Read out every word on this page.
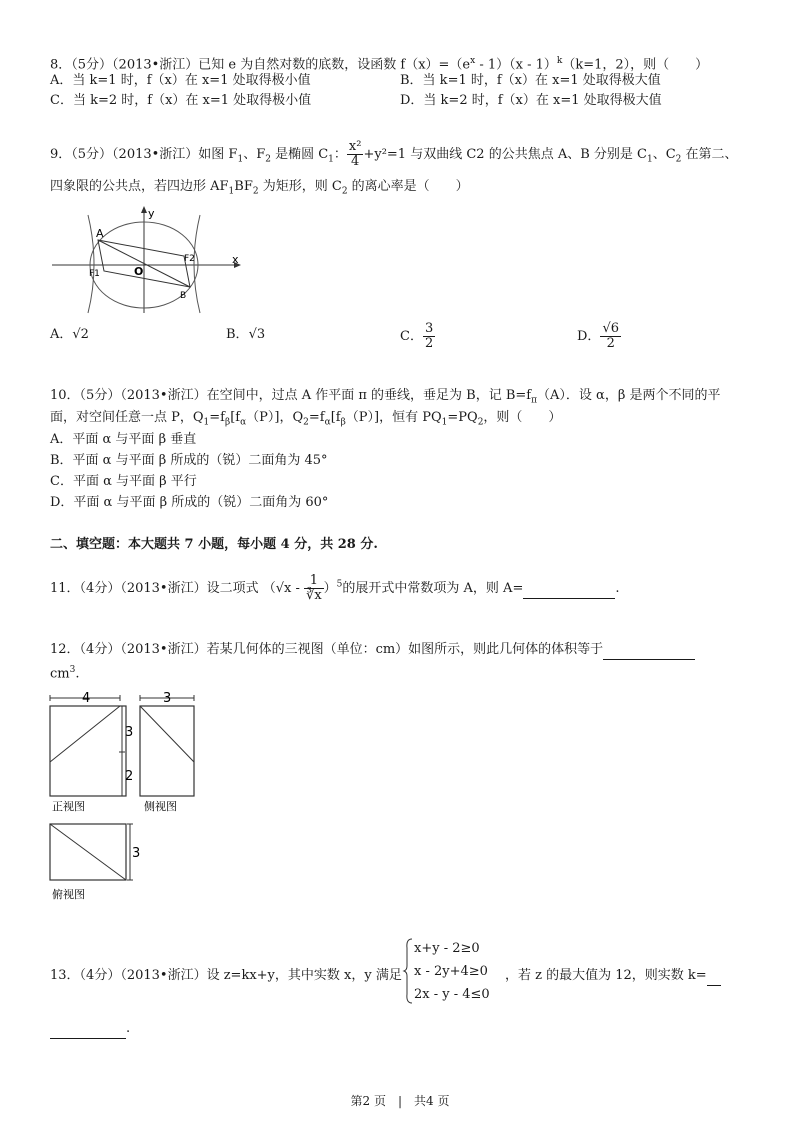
8．（5分）（2013•浙江）已知 e 为自然对数的底数，设函数 $f(x)=(e^x - 1)(x - 1)^k(k=1$，2），则（　　）
A．当 k=1 时，f（x）在 x=1 处取得极小值	B．当 k=1 时，f（x）在 x=1 处取得极大值
C．当 k=2 时，f（x）在 x=1 处取得极小值	D．当 k=2 时，f（x）在 x=1 处取得极大值
9．（5分）（2013•浙江）如图 $F_1$、$F_2$ 是椭圆 $C_1$： $\frac{\text{x²}}{4} +y^2=1$ 与双曲线 C2 的公共焦点 A、B 分别是 $C_1$、$C_2$ 在第二、
四象限的公共点，若四边形 $AF_1BF_2$ 为矩形，则 $C_2$ 的离心率是（　　）
y
x
A
O
F1
F2
B
A．√2	B．√3	C． $\frac{3}{2}$	D． $\frac{√6}{2}$
10．（5分）（2013•浙江）在空间中，过点 A 作平面 π 的垂线，垂足为 B，记 $B=f_\pi(A)$．设 α，β 是两个不同的平
面，对空间任意一点 P，$Q_1=f_\beta[f_\alpha(P)]$，$Q_2=f_\alpha[f_\beta(P)]$，恒有 $PQ_1=PQ_2$，则（　　）
A．平面 α 与平面 β 垂直
B．平面 α 与平面 β 所成的（锐）二面角为 45°
C．平面 α 与平面 β 平行
D．平面 α 与平面 β 所成的（锐）二面角为 60°
二、填空题：本大题共 7 小题，每小题 4 分，共 28 分.
11．（4分）（2013•浙江）设二项式 $(√x - \frac{1}{∛x} )^5$的展开式中常数项为 A，则 A=	.
12．（4分）（2013•浙江）若某几何体的三视图（单位：cm）如图所示，则此几何体的体积等于
$cm^3$.
4
3
2
3
正视图	侧视图
3
俯视图
13．（4分）（2013•浙江）设 z=kx+y，其中实数 x，y 满足
x+y - 2≥0
x - 2y+4≥0
2x - y - 4≤0
，若 z 的最大值为 12，则实数 k=
.
第2 页　|　共4 页
